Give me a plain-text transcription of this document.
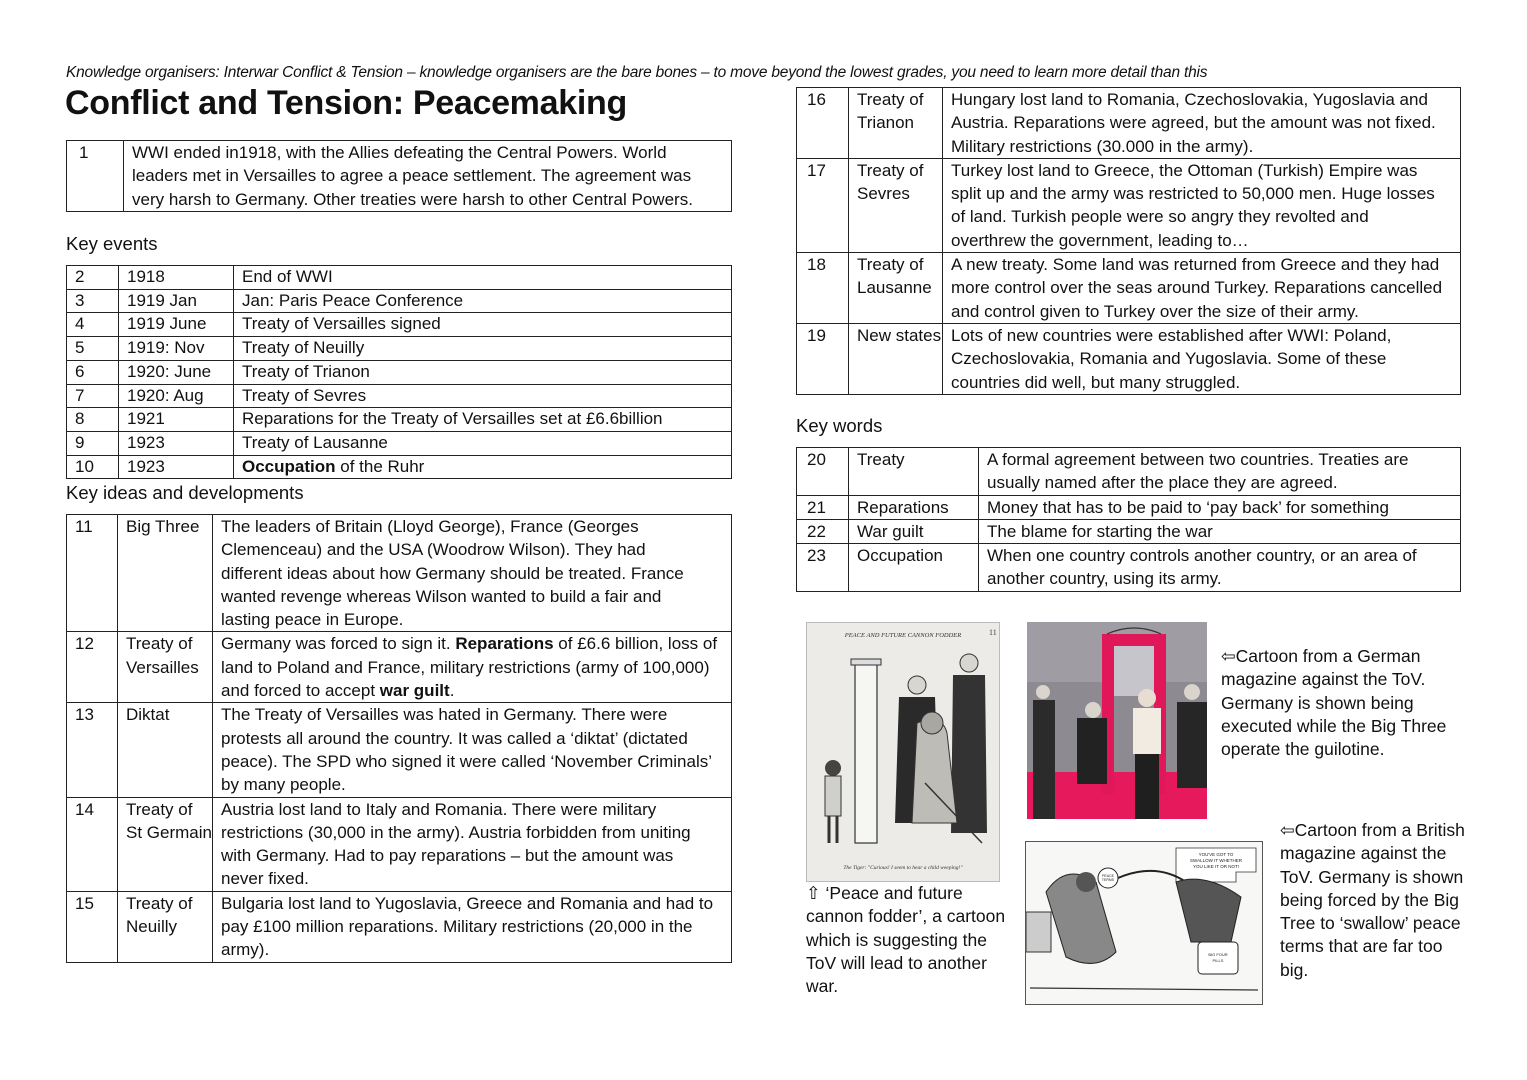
Knowledge organisers: Interwar Conflict & Tension – knowledge organisers are the bare bones – to move beyond the lowest grades, you need to learn more detail than this
Conflict and Tension: Peacemaking
1	WWI ended in1918, with the Allies defeating the Central Powers. World leaders met in Versailles to agree a peace settlement. The agreement was very harsh to Germany. Other treaties were harsh to other Central Powers.
Key events
2	1918	End of WWI
3	1919 Jan	Jan: Paris Peace Conference
4	1919 June	Treaty of Versailles signed
5	1919: Nov	Treaty of Neuilly
6	1920: June	Treaty of Trianon
7	1920: Aug	Treaty of Sevres
8	1921	Reparations for the Treaty of Versailles set at £6.6billion
9	1923	Treaty of Lausanne
10	1923	Occupation of the Ruhr
Key ideas and developments
11	Big Three	The leaders of Britain (Lloyd George), France (Georges Clemenceau) and the USA (Woodrow Wilson). They had different ideas about how Germany should be treated. France wanted revenge whereas Wilson wanted to build a fair and lasting peace in Europe.
12	Treaty of Versailles	Germany was forced to sign it. Reparations of £6.6 billion, loss of land to Poland and France, military restrictions (army of 100,000) and forced to accept war guilt.
13	Diktat	The Treaty of Versailles was hated in Germany. There were protests all around the country. It was called a ‘diktat’ (dictated peace). The SPD who signed it were called ‘November Criminals’ by many people.
14	Treaty of St Germain	Austria lost land to Italy and Romania. There were military restrictions (30,000 in the army). Austria forbidden from uniting with Germany. Had to pay reparations – but the amount was never fixed.
15	Treaty of Neuilly	Bulgaria lost land to Yugoslavia, Greece and Romania and had to pay £100 million reparations. Military restrictions (20,000 in the army).
16	Treaty of Trianon	Hungary lost land to Romania, Czechoslovakia, Yugoslavia and Austria. Reparations were agreed, but the amount was not fixed. Military restrictions (30.000 in the army).
17	Treaty of Sevres	Turkey lost land to Greece, the Ottoman (Turkish) Empire was split up and the army was restricted to 50,000 men. Huge losses of land. Turkish people were so angry they revolted and overthrew the government, leading to…
18	Treaty of Lausanne	A new treaty. Some land was returned from Greece and they had more control over the seas around Turkey. Reparations cancelled and control given to Turkey over the size of their army.
19	New states	Lots of new countries were established after WWI: Poland, Czechoslovakia, Romania and Yugoslavia. Some of these countries did well, but many struggled.
Key words
20	Treaty	A formal agreement between two countries. Treaties are usually named after the place they are agreed.
21	Reparations	Money that has to be paid to ‘pay back’ for something
22	War guilt	The blame for starting the war
23	Occupation	When one country controls another country, or an area of another country, using its army.
PEACE AND FUTURE CANNON FODDER	11
The Tiger: "Curious! I seem to hear a child weeping!"
⇧ ‘Peace and future cannon fodder’, a cartoon which is suggesting the ToV will lead to another war.
⇦Cartoon from a German magazine against the ToV. Germany is shown being executed while the Big Three operate the guilotine.
YOU'VE GOT TO
SWALLOW IT WHETHER
YOU LIKE IT OR NOT!
PEACE
TERMS
BIG FOUR
PILLS
⇦Cartoon from a British magazine against the ToV. Germany is shown being forced by the Big Tree to ‘swallow’ peace terms that are far too big.
